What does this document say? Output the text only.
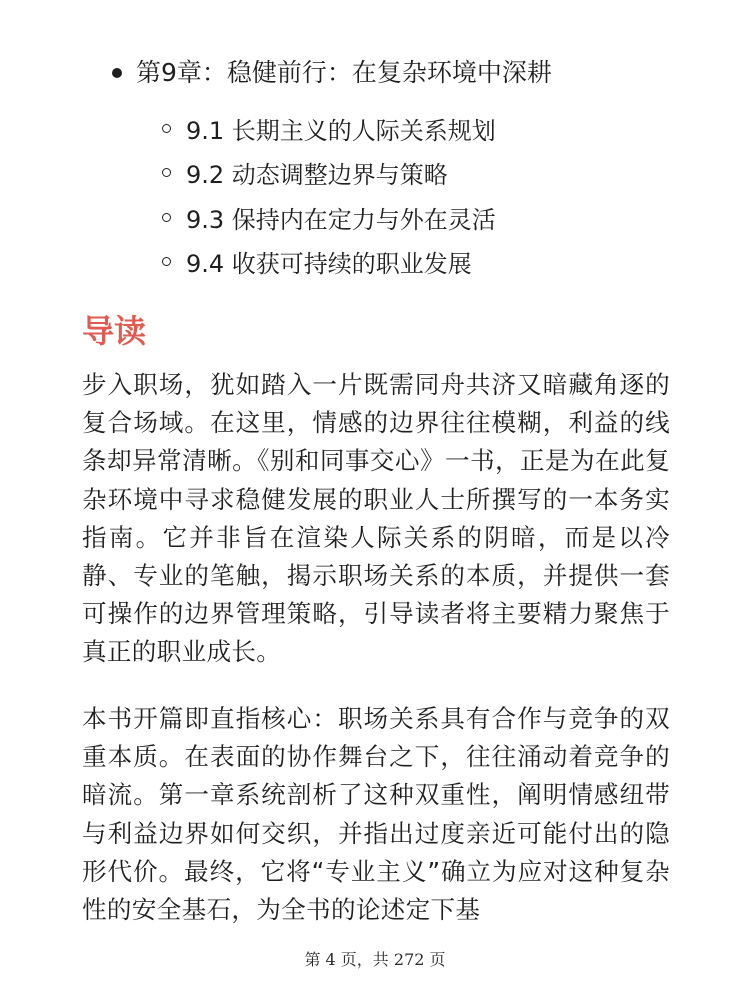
第9章：稳健前行：在复杂环境中深耕
9.1 长期主义的人际关系规划
9.2 动态调整边界与策略
9.3 保持内在定力与外在灵活
9.4 收获可持续的职业发展
导读

步入职场，犹如踏入一片既需同舟共济又暗藏角逐的复合场域。在这里，情感的边界往往模糊，利益的线条却异常清晰。《别和同事交心》一书，正是为在此复杂环境中寻求稳健发展的职业人士所撰写的一本务实指南。它并非旨在渲染人际关系的阴暗，而是以冷静、专业的笔触，揭示职场关系的本质，并提供一套可操作的边界管理策略，引导读者将主要精力聚焦于真正的职业成长。

本书开篇即直指核心：职场关系具有合作与竞争的双重本质。在表面的协作舞台之下，往往涌动着竞争的暗流。第一章系统剖析了这种双重性，阐明情感纽带与利益边界如何交织，并指出过度亲近可能付出的隐形代价。最终，它将“专业主义”确立为应对这种复杂性的安全基石，为全书的论述定下基

第 4 页，共 272 页
